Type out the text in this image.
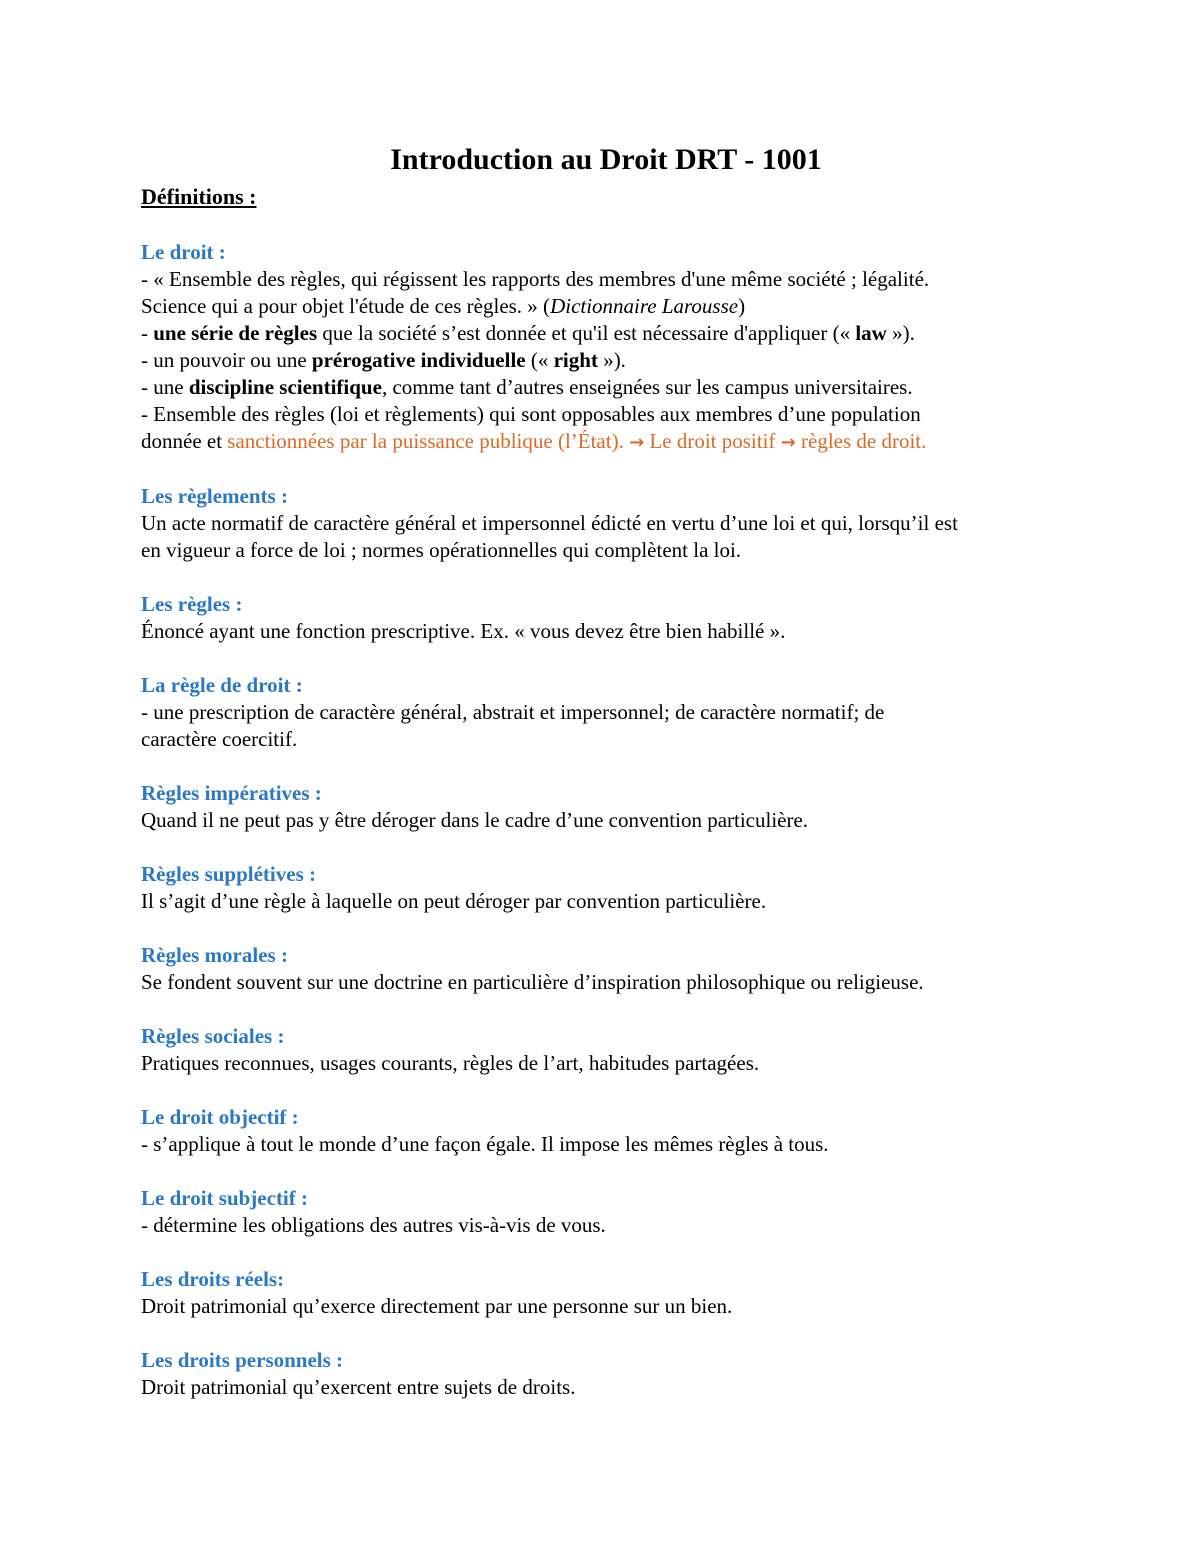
Introduction au Droit DRT - 1001

Définitions :

Le droit :

- « Ensemble des règles, qui régissent les rapports des membres d'une même société ; légalité.

Science qui a pour objet l'étude de ces règles. » (Dictionnaire Larousse)

- une série de règles que la société s’est donnée et qu'il est nécessaire d'appliquer (« law »).

- un pouvoir ou une prérogative individuelle (« right »).

- une discipline scientifique, comme tant d’autres enseignées sur les campus universitaires.

- Ensemble des règles (loi et règlements) qui sont opposables aux membres d’une population

donnée et sanctionnées par la puissance publique (l’État). → Le droit positif → règles de droit.

Les règlements :

Un acte normatif de caractère général et impersonnel édicté en vertu d’une loi et qui, lorsqu’il est

en vigueur a force de loi ; normes opérationnelles qui complètent la loi.

Les règles :

Énoncé ayant une fonction prescriptive. Ex. « vous devez être bien habillé ».

La règle de droit :

- une prescription de caractère général, abstrait et impersonnel; de caractère normatif; de

caractère coercitif.

Règles impératives :

Quand il ne peut pas y être déroger dans le cadre d’une convention particulière.

Règles supplétives :

Il s’agit d’une règle à laquelle on peut déroger par convention particulière.

Règles morales :

Se fondent souvent sur une doctrine en particulière d’inspiration philosophique ou religieuse.

Règles sociales :

Pratiques reconnues, usages courants, règles de l’art, habitudes partagées.

Le droit objectif :

- s’applique à tout le monde d’une façon égale. Il impose les mêmes règles à tous.

Le droit subjectif :

- détermine les obligations des autres vis-à-vis de vous.

Les droits réels:

Droit patrimonial qu’exerce directement par une personne sur un bien.

Les droits personnels :

Droit patrimonial qu’exercent entre sujets de droits.
